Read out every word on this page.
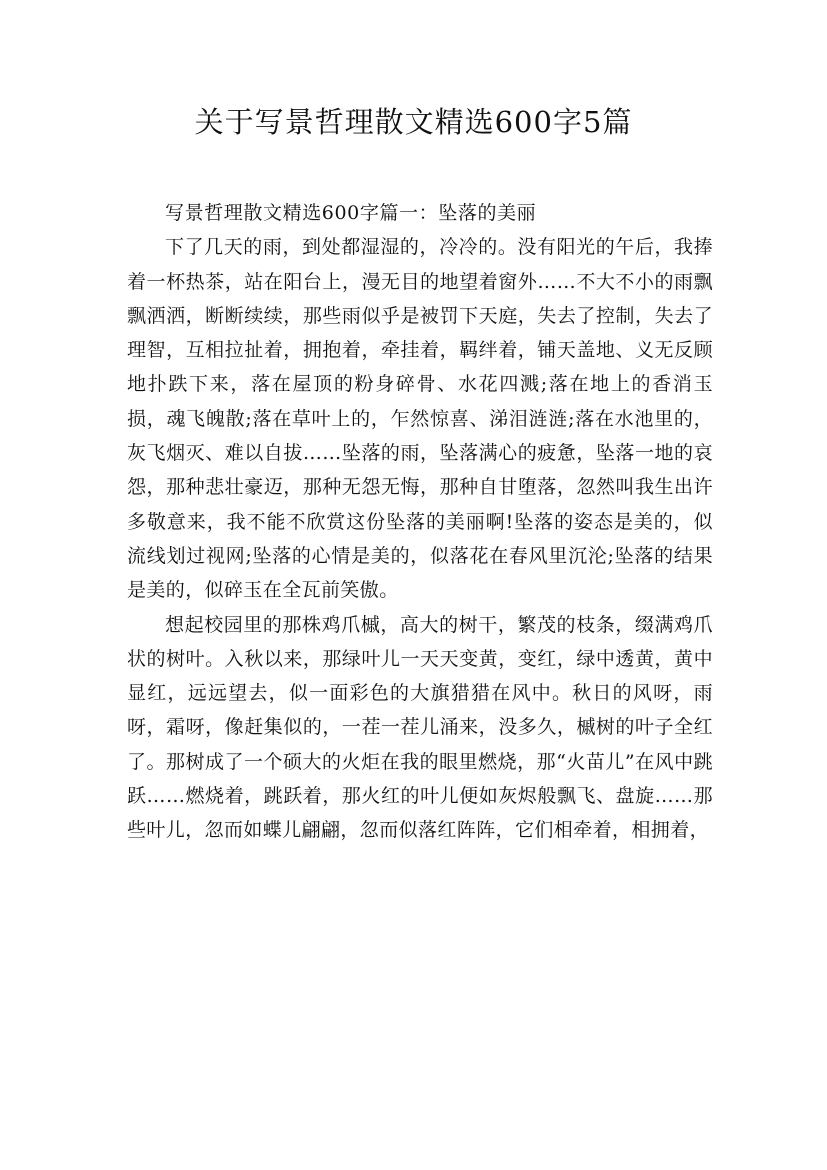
关于写景哲理散文精选600字5篇

写景哲理散文精选600字篇一：坠落的美丽

下了几天的雨，到处都湿湿的，冷冷的。没有阳光的午后，我捧着一杯热茶，站在阳台上，漫无目的地望着窗外……不大不小的雨飘飘洒洒，断断续续，那些雨似乎是被罚下天庭，失去了控制，失去了理智，互相拉扯着，拥抱着，牵挂着，羁绊着，铺天盖地、义无反顾地扑跌下来，落在屋顶的粉身碎骨、水花四溅;落在地上的香消玉损，魂飞魄散;落在草叶上的，乍然惊喜、涕泪涟涟;落在水池里的，灰飞烟灭、难以自拔……坠落的雨，坠落满心的疲惫，坠落一地的哀怨，那种悲壮豪迈，那种无怨无悔，那种自甘堕落，忽然叫我生出许多敬意来，我不能不欣赏这份坠落的美丽啊!坠落的姿态是美的，似流线划过视网;坠落的心情是美的，似落花在春风里沉沦;坠落的结果是美的，似碎玉在全瓦前笑傲。

想起校园里的那株鸡爪槭，高大的树干，繁茂的枝条，缀满鸡爪状的树叶。入秋以来，那绿叶儿一天天变黄，变红，绿中透黄，黄中显红，远远望去，似一面彩色的大旗猎猎在风中。秋日的风呀，雨呀，霜呀，像赶集似的，一茬一茬儿涌来，没多久，槭树的叶子全红了。那树成了一个硕大的火炬在我的眼里燃烧，那“火苗儿”在风中跳跃……燃烧着，跳跃着，那火红的叶儿便如灰烬般飘飞、盘旋……那些叶儿，忽而如蝶儿翩翩，忽而似落红阵阵，它们相牵着，相拥着，
